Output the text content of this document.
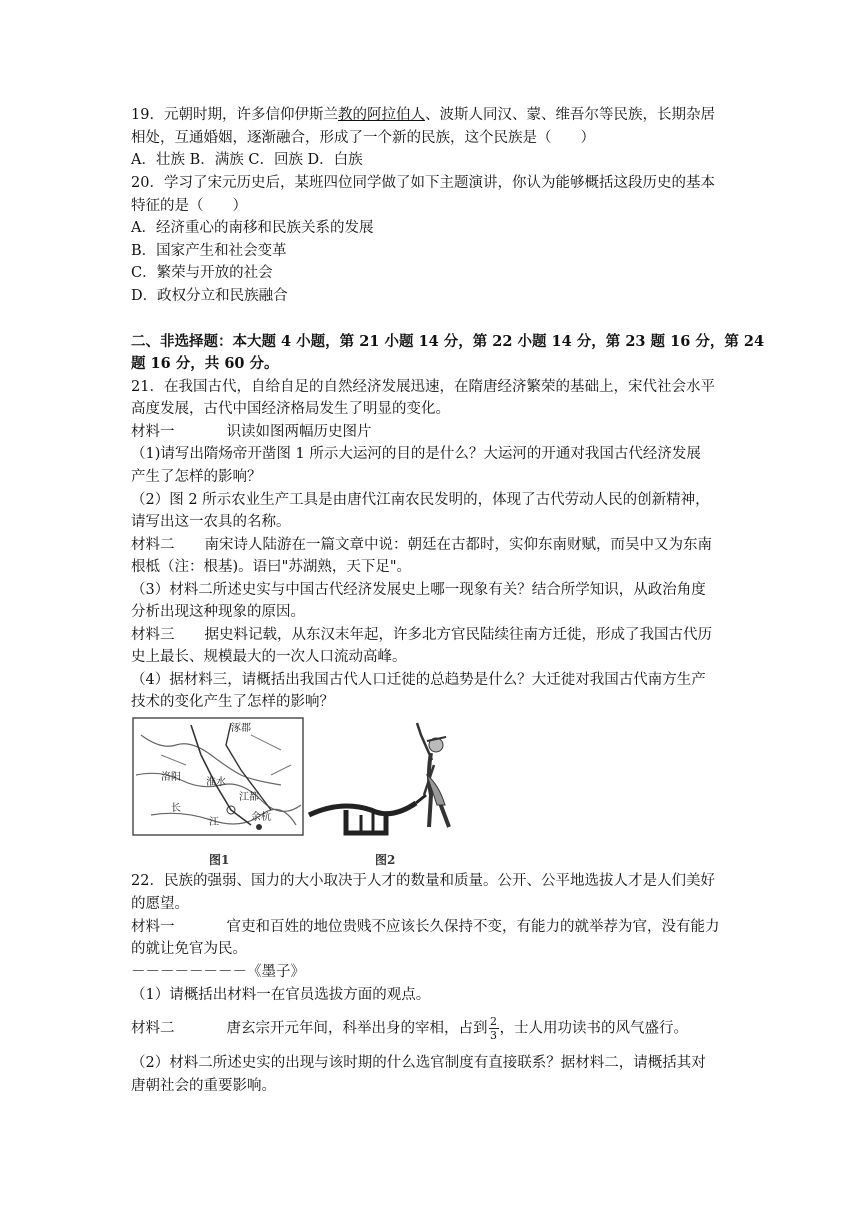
19．元朝时期，许多信仰伊斯兰教的阿拉伯人、波斯人同汉、蒙、维吾尔等民族，长期杂居
相处，互通婚姻，逐渐融合，形成了一个新的民族，这个民族是（　　）
A．壮族 B．满族 C．回族 D．白族
20．学习了宋元历史后，某班四位同学做了如下主题演讲，你认为能够概括这段历史的基本
特征的是（　　）
A．经济重心的南移和民族关系的发展
B．国家产生和社会变革
C．繁荣与开放的社会
D．政权分立和民族融合
二、非选择题：本大题 4 小题，第 21 小题 14 分，第 22 小题 14 分，第 23 题 16 分，第 24
题 16 分，共 60 分。
21．在我国古代，自给自足的自然经济发展迅速，在隋唐经济繁荣的基础上，宋代社会水平
高度发展，古代中国经济格局发生了明显的变化。
材料一	识读如图两幅历史图片
（1)请写出隋炀帝开凿图 1 所示大运河的目的是什么？大运河的开通对我国古代经济发展
产生了怎样的影响？
（2）图 2 所示农业生产工具是由唐代江南农民发明的，体现了古代劳动人民的创新精神，
请写出这一农具的名称。
材料二 南宋诗人陆游在一篇文章中说：朝廷在古都时，实仰东南财赋，而吴中又为东南
根柢（注：根基)。语曰"苏湖熟，天下足"。
（3）材料二所述史实与中国古代经济发展史上哪一现象有关？结合所学知识，从政治角度
分析出现这种现象的原因。
材料三 据史料记载，从东汉末年起，许多北方官民陆续往南方迁徙，形成了我国古代历
史上最长、规模最大的一次人口流动高峰。
（4）据材料三，请概括出我国古代人口迁徙的总趋势是什么？大迁徙对我国古代南方生产
技术的变化产生了怎样的影响？
涿郡
洛阳	淮水
江都
长
江	余杭
图1	图2
22．民族的强弱、国力的大小取决于人才的数量和质量。公开、公平地选拔人才是人们美好
的愿望。
材料一	官吏和百姓的地位贵贱不应该长久保持不变，有能力的就举荐为官，没有能力
的就让免官为民。
－－－－－－－－《墨子》
（1）请概括出材料一在官员选拔方面的观点。
材料二	唐玄宗开元年间，科举出身的宰相，占到 $\frac{2}{3}$ ，士人用功读书的风气盛行。
（2）材料二所述史实的出现与该时期的什么选官制度有直接联系？据材料二，请概括其对
唐朝社会的重要影响。
